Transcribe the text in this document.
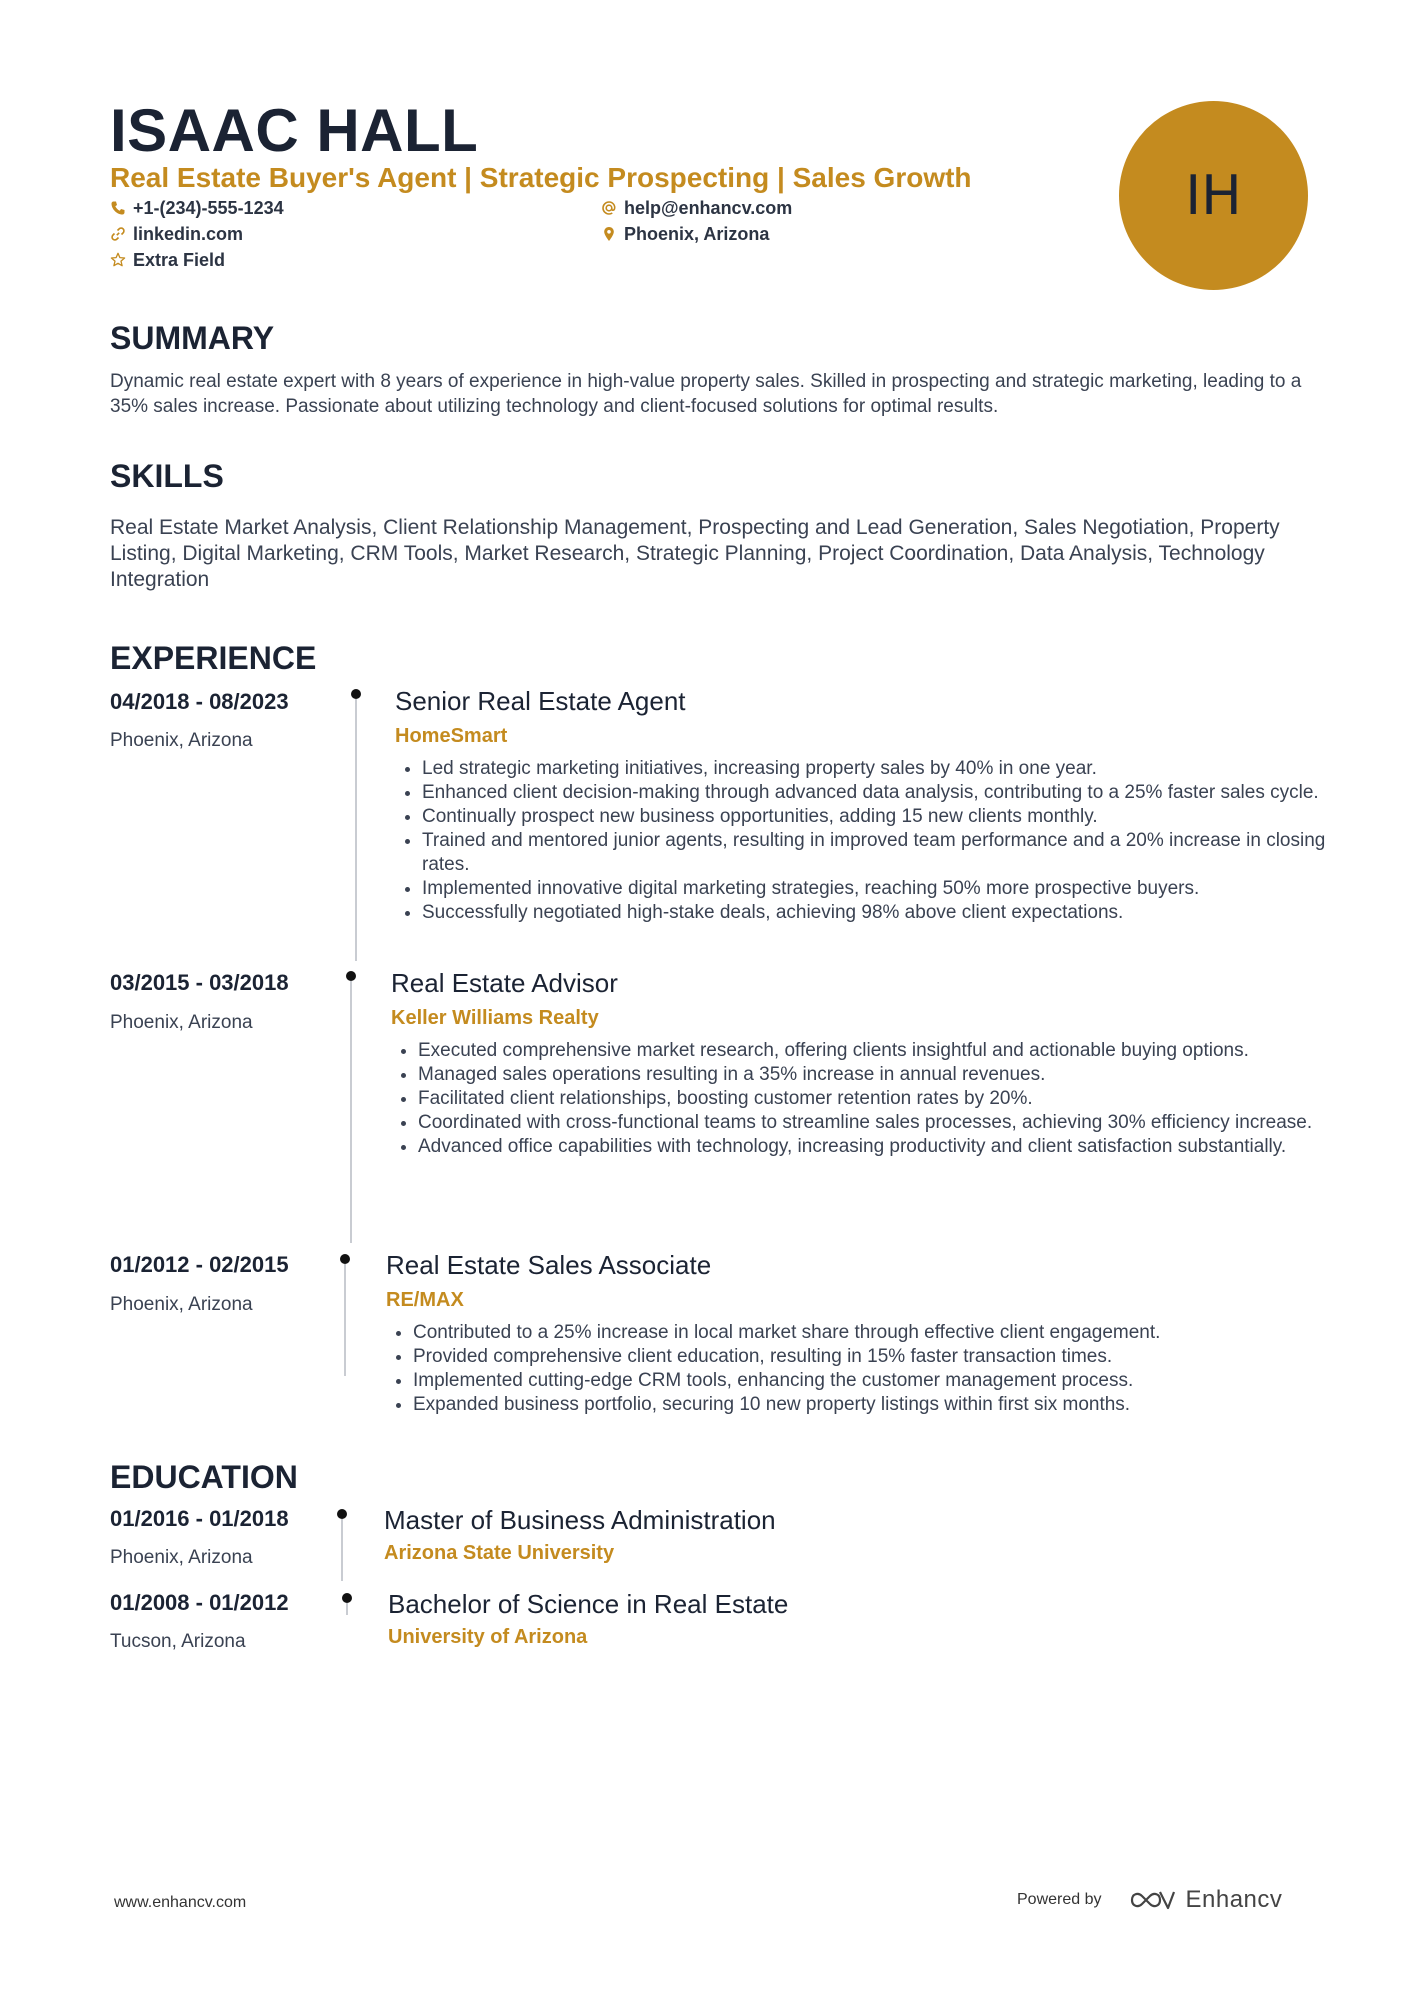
ISAAC HALL
Real Estate Buyer's Agent | Strategic Prospecting | Sales Growth
+1-(234)-555-1234	help@enhancv.com
linkedin.com	Phoenix, Arizona
Extra Field
IH
SUMMARY

Dynamic real estate expert with 8 years of experience in high-value property sales. Skilled in prospecting and strategic marketing, leading to a 35% sales increase. Passionate about utilizing technology and client-focused solutions for optimal results.

SKILLS

Real Estate Market Analysis, Client Relationship Management, Prospecting and Lead Generation, Sales Negotiation, Property Listing, Digital Marketing, CRM Tools, Market Research, Strategic Planning, Project Coordination, Data Analysis, Technology Integration

EXPERIENCE
04/2018 - 08/2023
Phoenix, Arizona
Senior Real Estate Agent
HomeSmart
• Led strategic marketing initiatives, increasing property sales by 40% in one year.
• Enhanced client decision-making through advanced data analysis, contributing to a 25% faster sales cycle.
• Continually prospect new business opportunities, adding 15 new clients monthly.
• Trained and mentored junior agents, resulting in improved team performance and a 20% increase in closing rates.
• Implemented innovative digital marketing strategies, reaching 50% more prospective buyers.
• Successfully negotiated high-stake deals, achieving 98% above client expectations.
03/2015 - 03/2018
Phoenix, Arizona
Real Estate Advisor
Keller Williams Realty
• Executed comprehensive market research, offering clients insightful and actionable buying options.
• Managed sales operations resulting in a 35% increase in annual revenues.
• Facilitated client relationships, boosting customer retention rates by 20%.
• Coordinated with cross-functional teams to streamline sales processes, achieving 30% efficiency increase.
• Advanced office capabilities with technology, increasing productivity and client satisfaction substantially.
01/2012 - 02/2015
Phoenix, Arizona
Real Estate Sales Associate
RE/MAX
• Contributed to a 25% increase in local market share through effective client engagement.
• Provided comprehensive client education, resulting in 15% faster transaction times.
• Implemented cutting-edge CRM tools, enhancing the customer management process.
• Expanded business portfolio, securing 10 new property listings within first six months.
EDUCATION
01/2016 - 01/2018
Phoenix, Arizona
Master of Business Administration
Arizona State University
01/2008 - 01/2012
Tucson, Arizona
Bachelor of Science in Real Estate
University of Arizona
www.enhancv.com	Powered by	Enhancv
